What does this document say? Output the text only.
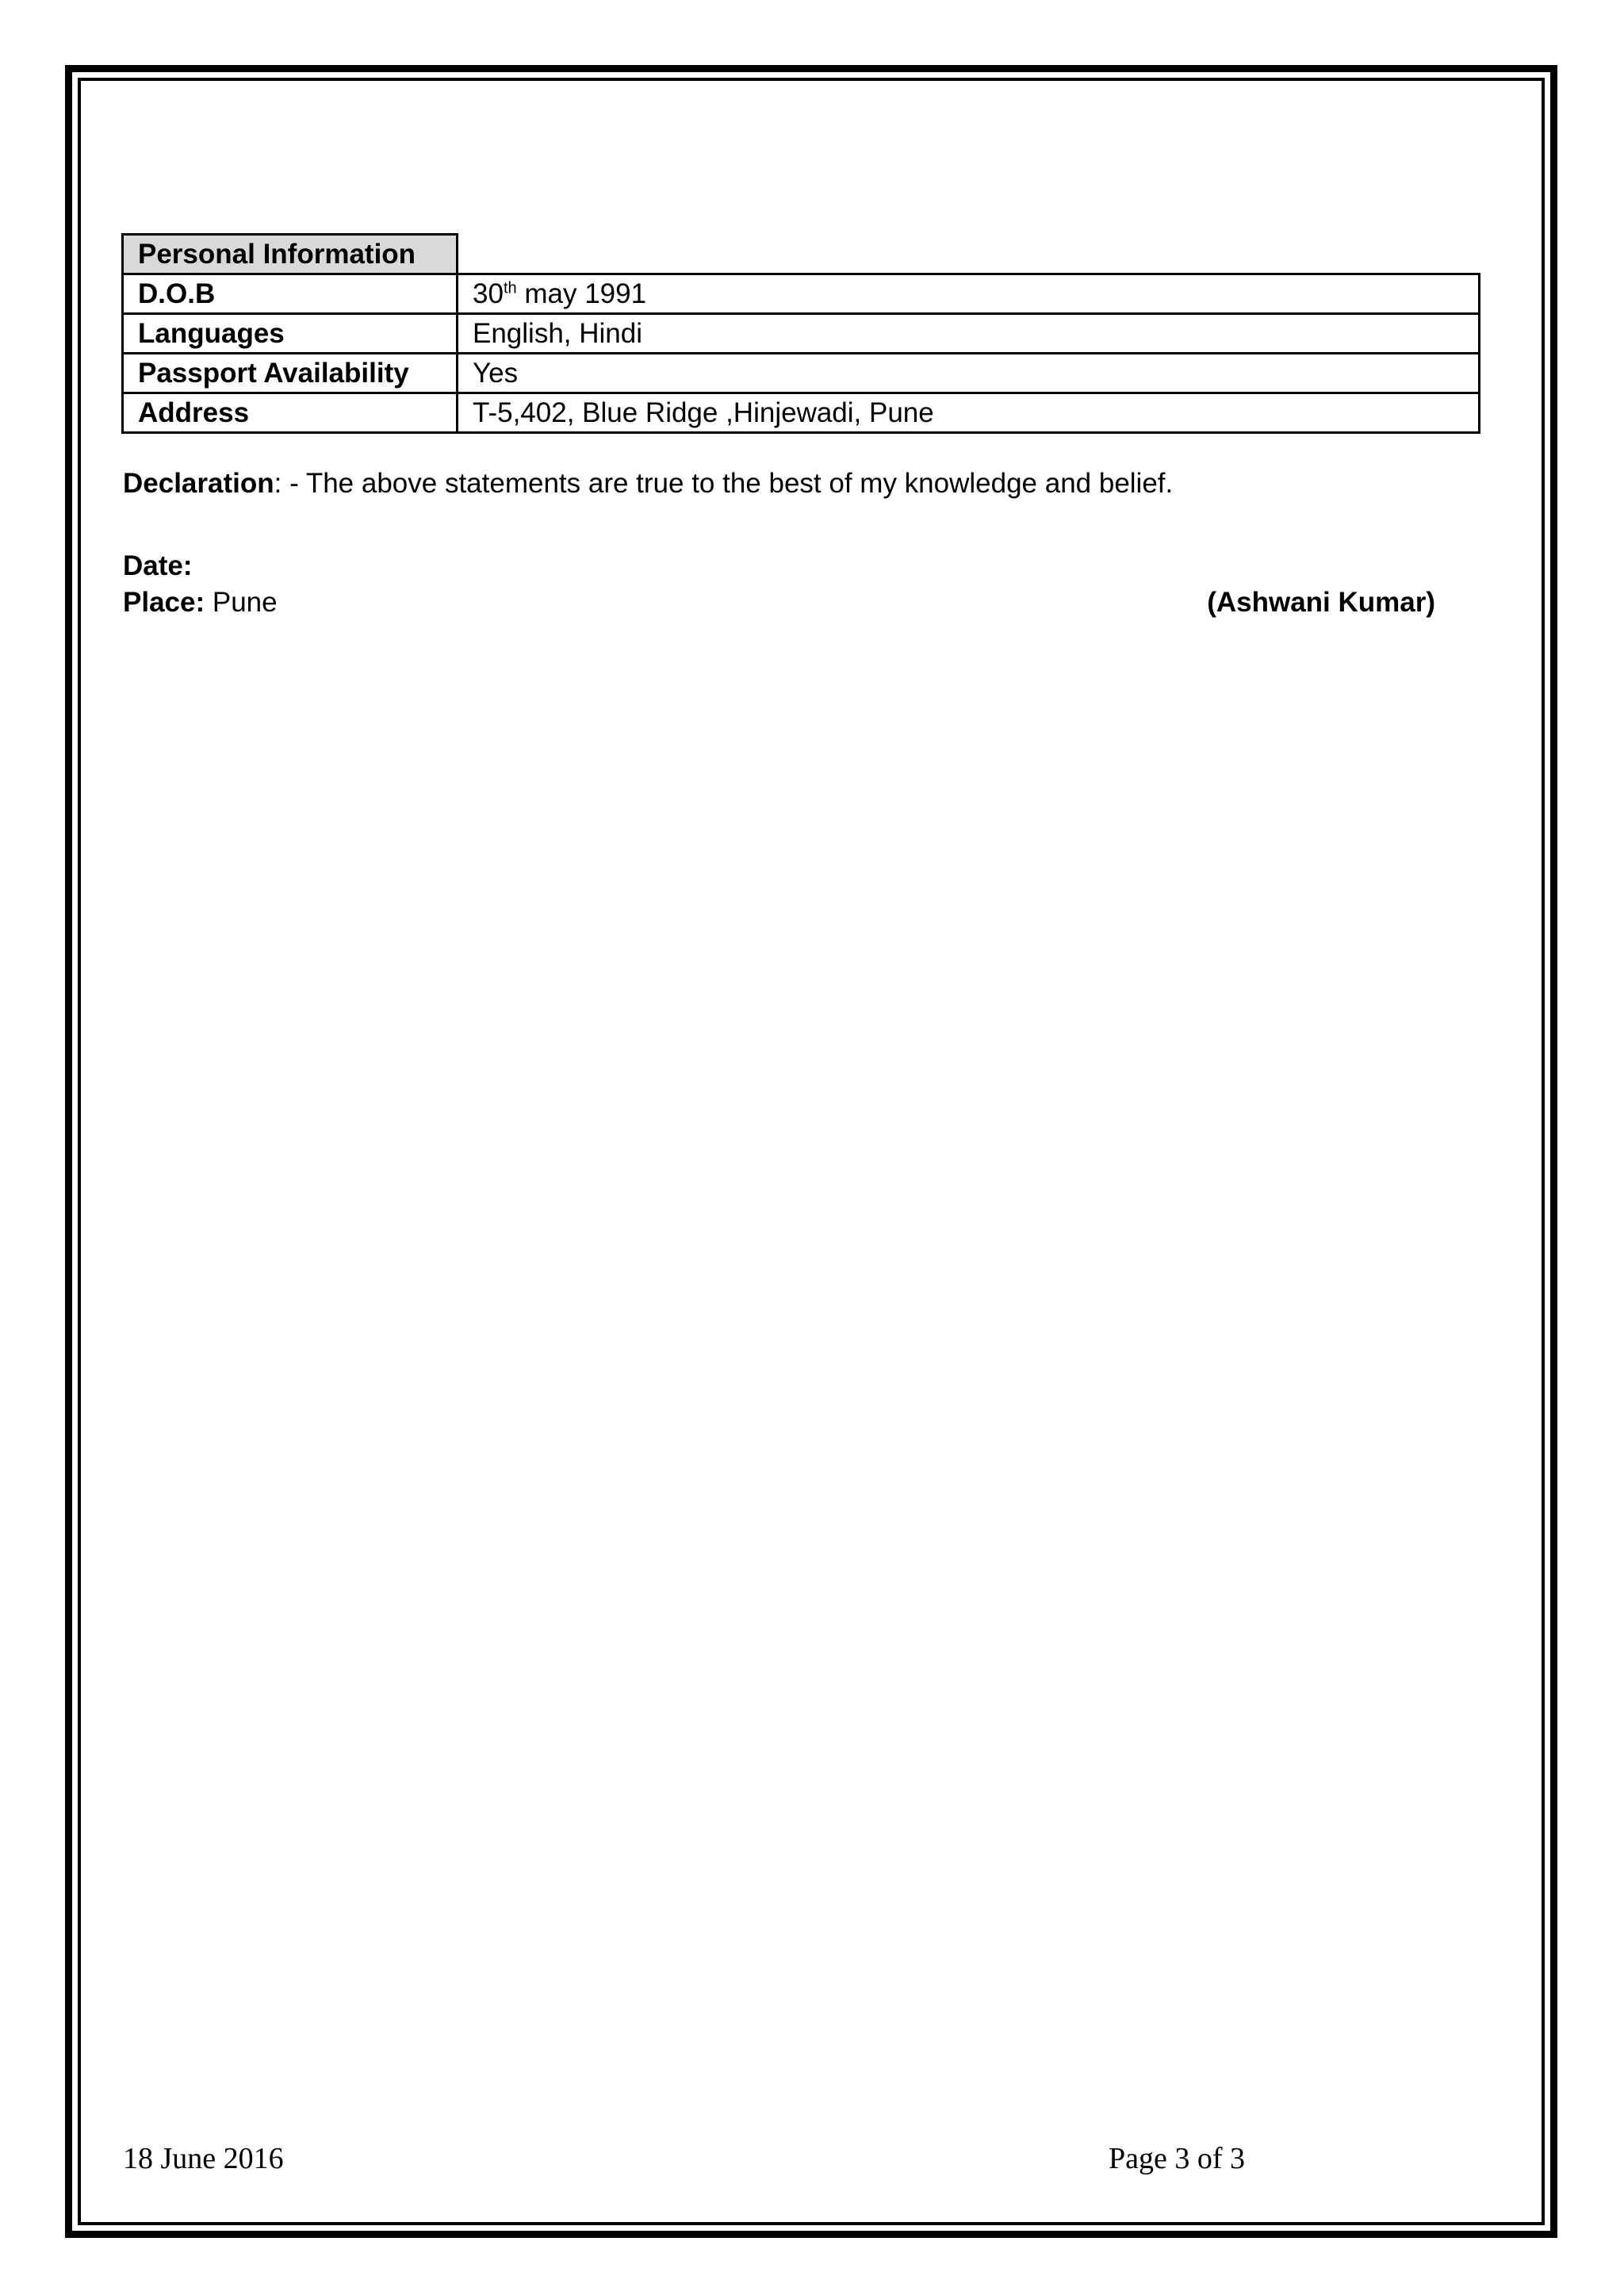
Personal Information	
D.O.B	30th may 1991
Languages	English, Hindi
Passport Availability	Yes
Address	T-5,402, Blue Ridge ,Hinjewadi, Pune
Declaration: - The above statements are true to the best of my knowledge and belief.
Date:
Place: Pune	(Ashwani Kumar)
18 June 2016	Page 3 of 3
